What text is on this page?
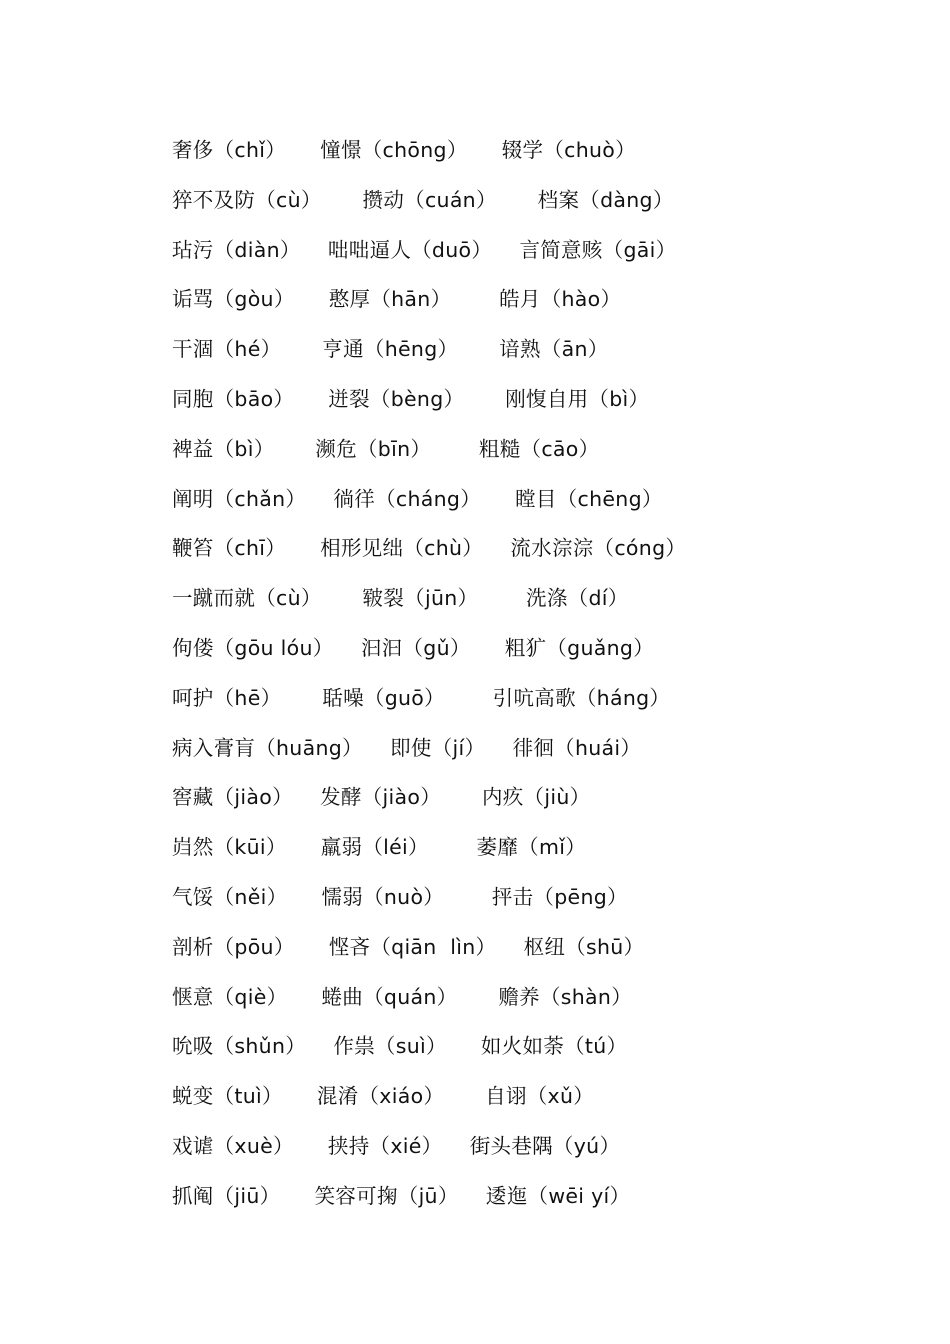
奢侈（chǐ）     憧憬（chōng）     辍学（chuò）
猝不及防（cù）      攒动（cuán）      档案（dàng）
玷污（diàn）    咄咄逼人（duō）    言简意赅（gāi）
诟骂（gòu）     憨厚（hān）       皓月（hào）
干涸（hé）      亨通（hēng）      谙熟（ān）
同胞（bāo）     迸裂（bèng）      刚愎自用（bì）
裨益（bì）      濒危（bīn）       粗糙（cāo）
阐明（chǎn）    徜徉（cháng）     瞠目（chēng）
鞭笞（chī）     相形见绌（chù）    流水淙淙（cóng）
一蹴而就（cù）      皲裂（jūn）       洗涤（dí）
佝偻（gōu lóu）    汩汩（gǔ）     粗犷（guǎng）
呵护（hē）      聒噪（guō）       引吭高歌（háng）
病入膏肓（huāng）    即使（jí）    徘徊（huái）
窖藏（jiào）    发酵（jiào）      内疚（jiù）
岿然（kūi）     羸弱（léi）       萎靡（mǐ）
气馁（něi）     懦弱（nuò）       抨击（pēng）
剖析（pōu）     悭吝（qiān  lìn）    枢纽（shū）
惬意（qiè）     蜷曲（quán）      赡养（shàn）
吮吸（shǔn）    作祟（suì）     如火如荼（tú）
蜕变（tuì）     混淆（xiáo）      自诩（xǔ）
戏谑（xuè）     挟持（xié）    街头巷隅（yú）
抓阄（jiū）     笑容可掬（jū）    逶迤（wēi yí）
